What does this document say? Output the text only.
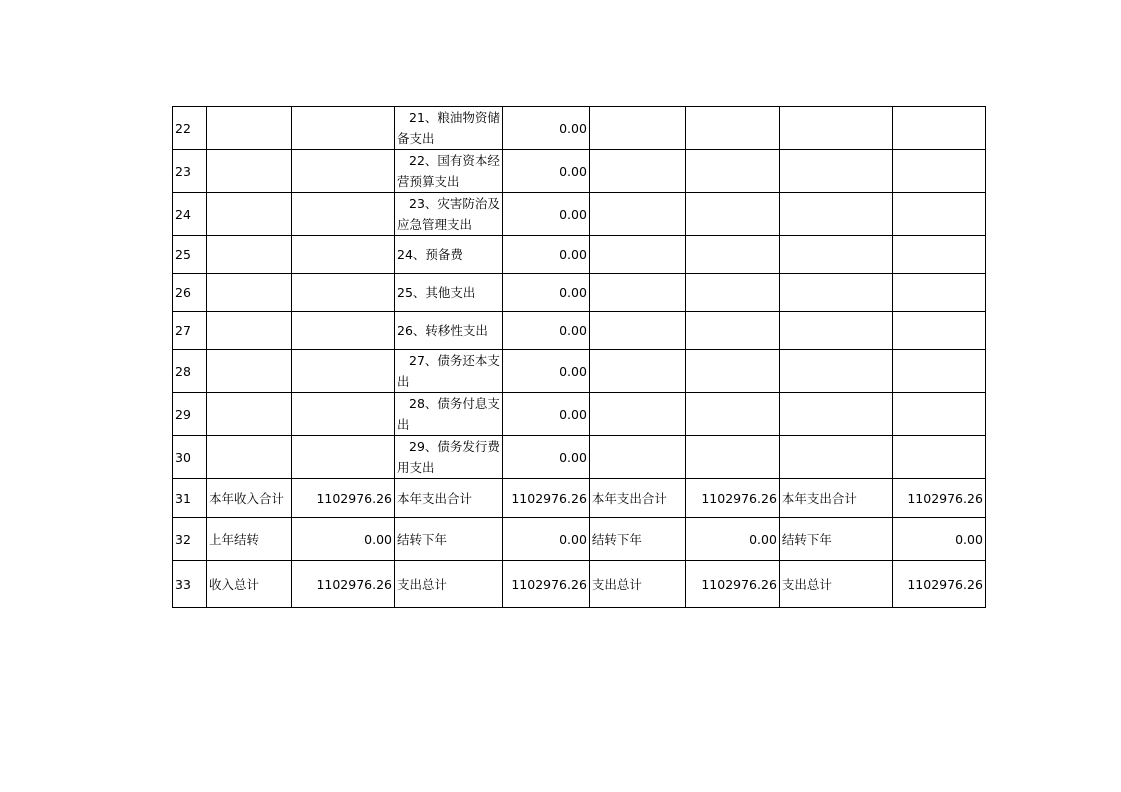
22			21、粮油物资储
备支出	0.00				
23			22、国有资本经
营预算支出	0.00				
24			23、灾害防治及
应急管理支出	0.00				
25			24、预备费	0.00				
26			25、其他支出	0.00				
27			26、转移性支出	0.00				
28			27、债务还本支
出	0.00				
29			28、债务付息支
出	0.00				
30			29、债务发行费
用支出	0.00				
31	本年收入合计	1102976.26	本年支出合计	1102976.26	本年支出合计	1102976.26	本年支出合计	1102976.26
32	上年结转	0.00	结转下年	0.00	结转下年	0.00	结转下年	0.00
33	收入总计	1102976.26	支出总计	1102976.26	支出总计	1102976.26	支出总计	1102976.26
